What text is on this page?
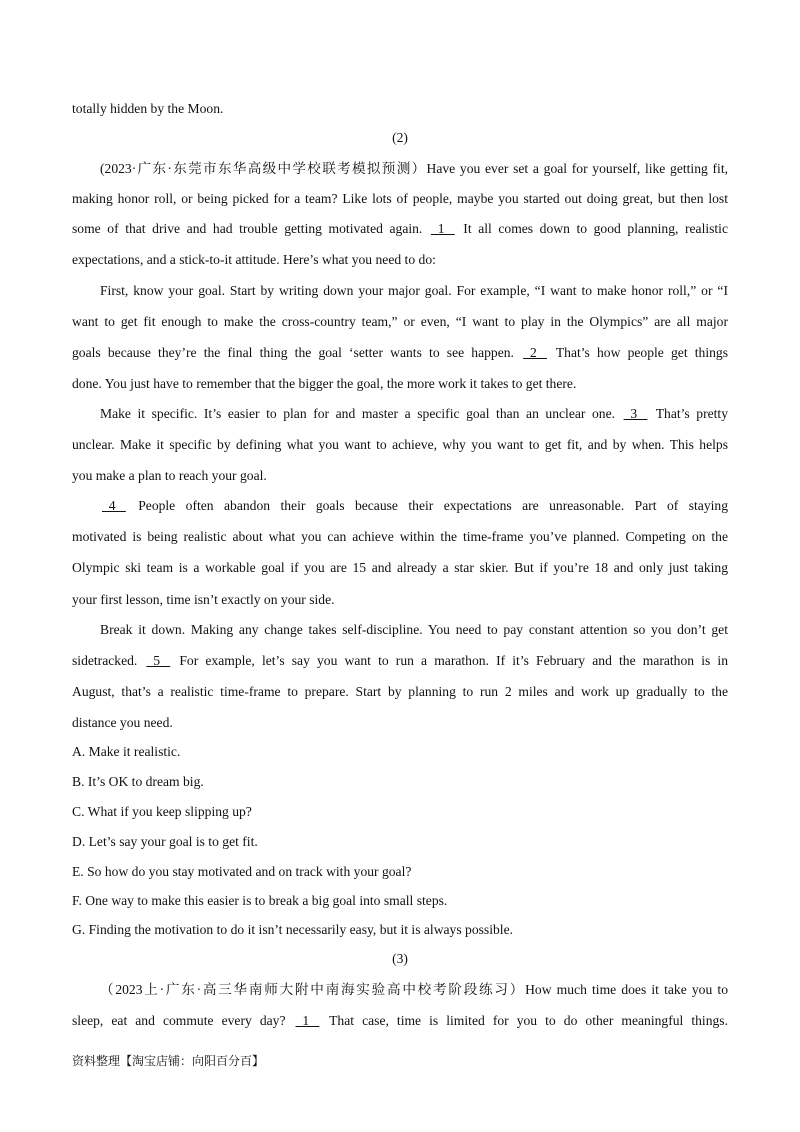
totally hidden by the Moon.
(2)
(2023·广东·东莞市东华高级中学校联考模拟预测）Have you ever set a goal for yourself, like getting fit,
making honor roll, or being picked for a team? Like lots of people, maybe you started out doing great, but then lost
some of that drive and had trouble getting motivated again.   1    It all comes down to good planning, realistic
expectations, and a stick-to-it attitude. Here’s what you need to do:
First, know your goal. Start by writing down your major goal. For example, “I want to make honor roll,” or “I
want to get fit enough to make the cross-country team,” or even, “I want to play in the Olympics” are all major
goals because they’re the final thing the goal ‘setter wants to see happen.   2    That’s how people get things
done. You just have to remember that the bigger the goal, the more work it takes to get there.
Make it specific. It’s easier to plan for and master a specific goal than an unclear one.   3    That’s pretty
unclear. Make it specific by defining what you want to achieve, why you want to get fit, and by when. This helps
you make a plan to reach your goal.
4    People often abandon their goals because their expectations are unreasonable. Part of staying
motivated is being realistic about what you can achieve within the time-frame you’ve planned. Competing on the
Olympic ski team is a workable goal if you are 15 and already a star skier. But if you’re 18 and only just taking
your first lesson, time isn’t exactly on your side.
Break it down. Making any change takes self-discipline. You need to pay constant attention so you don’t get
sidetracked.   5    For example, let’s say you want to run a marathon. If it’s February and the marathon is in
August, that’s a realistic time-frame to prepare. Start by planning to run 2 miles and work up gradually to the
distance you need.
A. Make it realistic.
B. It’s OK to dream big.
C. What if you keep slipping up?
D. Let’s say your goal is to get fit.
E. So how do you stay motivated and on track with your goal?
F. One way to make this easier is to break a big goal into small steps.
G. Finding the motivation to do it isn’t necessarily easy, but it is always possible.
(3)
（2023上·广东·高三华南师大附中南海实验高中校考阶段练习）How much time does it take you to
sleep, eat and commute every day?   1    That case, time is limited for you to do other meaningful things.
资料整理【淘宝店铺：向阳百分百】
